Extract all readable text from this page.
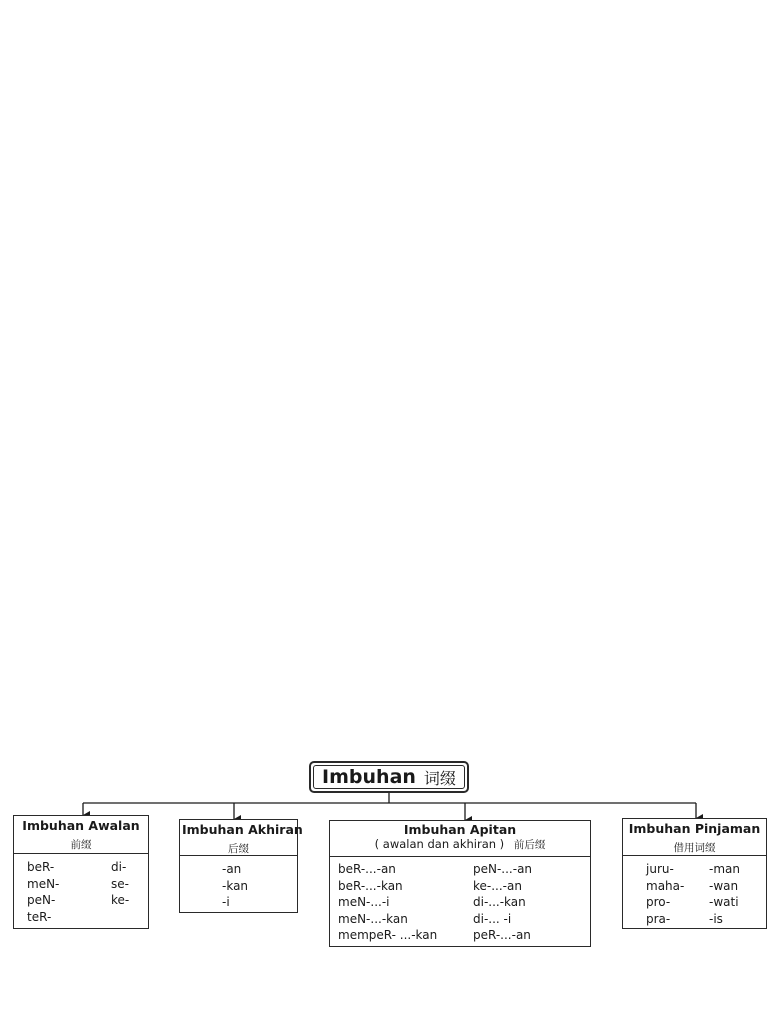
Imbuhan 词缀
Imbuhan Awalan
前缀
beR-
meN-
peN-
teR-
di-
se-
ke-
Imbuhan Akhiran
后缀
-an
-kan
-i
Imbuhan Apitan
( awalan dan akhiran ) 前后缀
beR-...-an
beR-...-kan
meN-...-i
meN-...-kan
mempeR- ...-kan
peN-...-an
ke-...-an
di-...-kan
di-... -i
peR-...-an
Imbuhan Pinjaman
借用词缀
juru-
maha-
pro-
pra-
-man
-wan
-wati
-is
